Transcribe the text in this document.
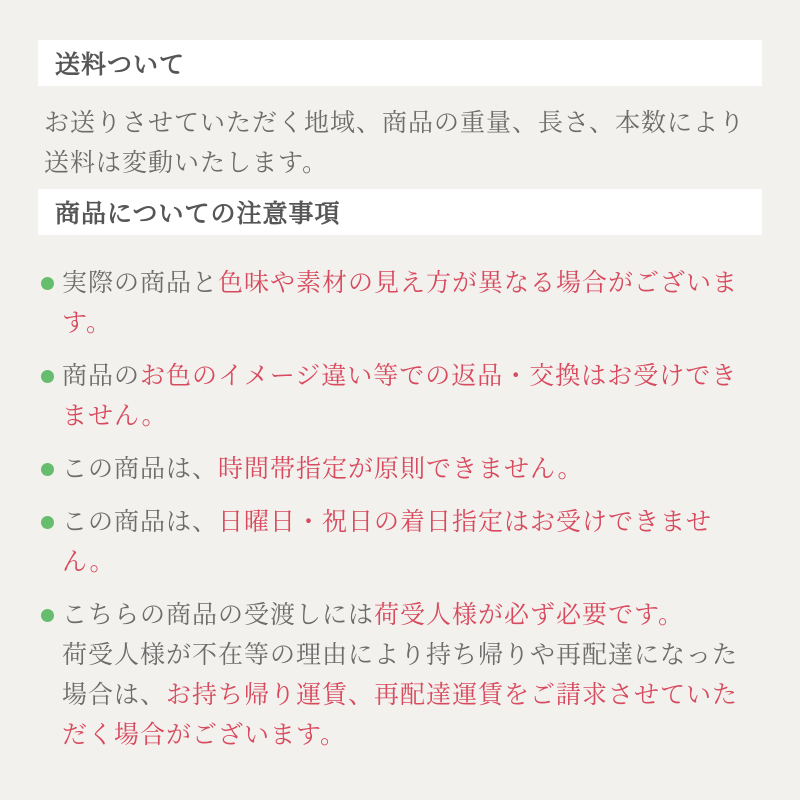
送料ついて

お送りさせていただく地域、商品の重量、長さ、本数により送料は変動いたします。

商品についての注意事項
実際の商品と色味や素材の見え方が異なる場合がございます。
商品のお色のイメージ違い等での返品・交換はお受けできません。
この商品は、時間帯指定が原則できません。
この商品は、日曜日・祝日の着日指定はお受けできません。
こちらの商品の受渡しには荷受人様が必ず必要です。
荷受人様が不在等の理由により持ち帰りや再配達になった場合は、お持ち帰り運賃、再配達運賃をご請求させていただく場合がございます。
